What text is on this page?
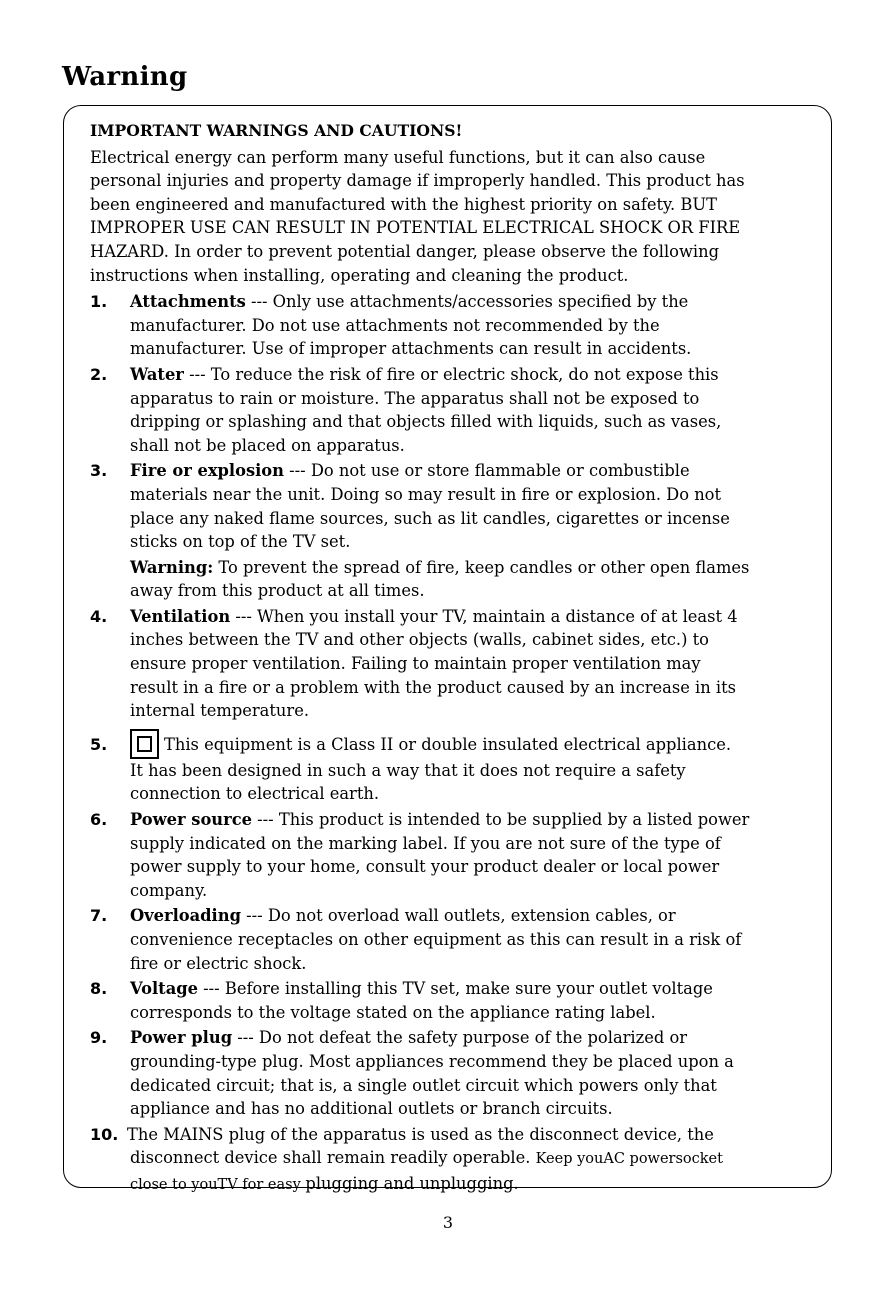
Warning

IMPORTANT WARNINGS AND CAUTIONS!

Electrical energy can perform many useful functions, but it can also cause
personal injuries and property damage if improperly handled. This product has
been engineered and manufactured with the highest priority on safety. BUT
IMPROPER USE CAN RESULT IN POTENTIAL ELECTRICAL SHOCK OR FIRE
HAZARD. In order to prevent potential danger, please observe the following
instructions when installing, operating and cleaning the product.

1. Attachments --- Only use attachments/accessories specified by the
manufacturer. Do not use attachments not recommended by the
manufacturer. Use of improper attachments can result in accidents.
2. Water --- To reduce the risk of fire or electric shock, do not expose this
apparatus to rain or moisture. The apparatus shall not be exposed to
dripping or splashing and that objects filled with liquids, such as vases,
shall not be placed on apparatus.
3. Fire or explosion --- Do not use or store flammable or combustible
materials near the unit. Doing so may result in fire or explosion. Do not
place any naked flame sources, such as lit candles, cigarettes or incense
sticks on top of the TV set.
Warning: To prevent the spread of fire, keep candles or other open flames
away from this product at all times.
4. Ventilation --- When you install your TV, maintain a distance of at least 4
inches between the TV and other objects (walls, cabinet sides, etc.) to
ensure proper ventilation. Failing to maintain proper ventilation may
result in a fire or a problem with the product caused by an increase in its
internal temperature.
5.	This equipment is a Class II or double insulated electrical appliance.
It has been designed in such a way that it does not require a safety
connection to electrical earth.
6. Power source --- This product is intended to be supplied by a listed power
supply indicated on the marking label. If you are not sure of the type of
power supply to your home, consult your product dealer or local power
company.
7. Overloading --- Do not overload wall outlets, extension cables, or
convenience receptacles on other equipment as this can result in a risk of
fire or electric shock.
8. Voltage --- Before installing this TV set, make sure your outlet voltage
corresponds to the voltage stated on the appliance rating label.
9. Power plug --- Do not defeat the safety purpose of the polarized or
grounding-type plug. Most appliances recommend they be placed upon a
dedicated circuit; that is, a single outlet circuit which powers only that
appliance and has no additional outlets or branch circuits.
10. The MAINS plug of the apparatus is used as the disconnect device, the
disconnect device shall remain readily operable. Keep youAC powersocket
close to youTV for easy plugging and unplugging.
3
